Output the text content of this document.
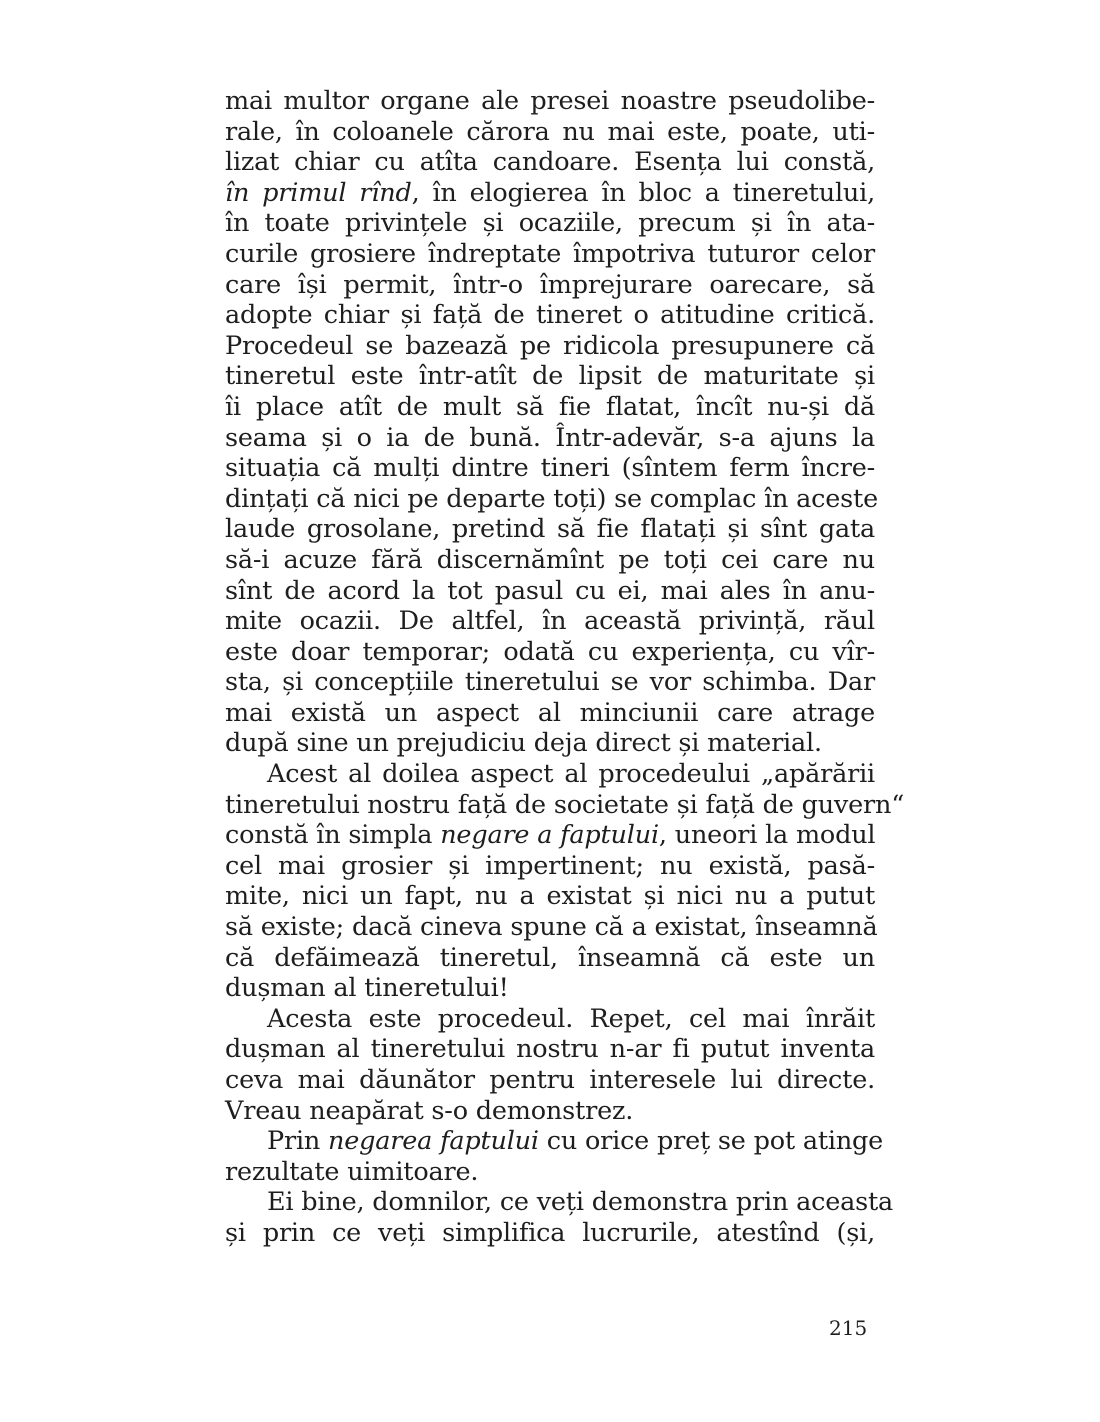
mai multor organe ale presei noastre pseudolibe-
rale, în coloanele cărora nu mai este, poate, uti-
lizat chiar cu atîta candoare. Esența lui constă,
în primul rînd, în elogierea în bloc a tineretului,
în toate privințele și ocaziile, precum și în ata-
curile grosiere îndreptate împotriva tuturor celor
care își permit, într-o împrejurare oarecare, să
adopte chiar și față de tineret o atitudine critică.
Procedeul se bazează pe ridicola presupunere că
tineretul este într-atît de lipsit de maturitate și
îi place atît de mult să fie flatat, încît nu-și dă
seama și o ia de bună. Într-adevăr, s-a ajuns la
situația că mulți dintre tineri (sîntem ferm încre-
dințați că nici pe departe toți) se complac în aceste
laude grosolane, pretind să fie flatați și sînt gata
să-i acuze fără discernămînt pe toți cei care nu
sînt de acord la tot pasul cu ei, mai ales în anu-
mite ocazii. De altfel, în această privință, răul
este doar temporar; odată cu experiența, cu vîr-
sta, și concepțiile tineretului se vor schimba. Dar
mai există un aspect al minciunii care atrage
după sine un prejudiciu deja direct și material.
Acest al doilea aspect al procedeului „apărării
tineretului nostru față de societate și față de guvern“
constă în simpla negare a faptului, uneori la modul
cel mai grosier și impertinent; nu există, pasă-
mite, nici un fapt, nu a existat și nici nu a putut
să existe; dacă cineva spune că a existat, înseamnă
că defăimează tineretul, înseamnă că este un
dușman al tineretului!
Acesta este procedeul. Repet, cel mai înrăit
dușman al tineretului nostru n-ar fi putut inventa
ceva mai dăunător pentru interesele lui directe.
Vreau neapărat s-o demonstrez.
Prin negarea faptului cu orice preț se pot atinge
rezultate uimitoare.
Ei bine, domnilor, ce veți demonstra prin aceasta
și prin ce veți simplifica lucrurile, atestînd (și,
215
